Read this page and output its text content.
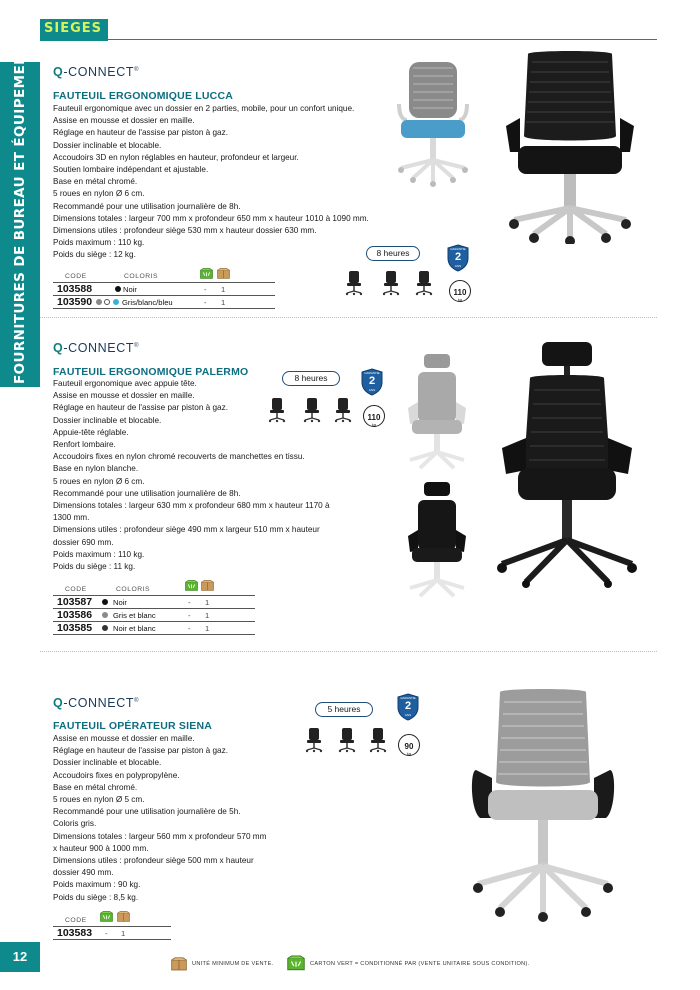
SIEGES
FOURNITURES DE BUREAU ET ÉQUIPEMENTS	Q-CONNECT®
FAUTEUIL ERGONOMIQUE LUCCA
Fauteuil ergonomique avec un dossier en 2 parties, mobile, pour un confort unique.
Assise en mousse et dossier en maille.
Réglage en hauteur de l'assise par piston à gaz.
Dossier inclinable et blocable.
Accoudoirs 3D en nylon réglables en hauteur, profondeur et largeur.
Soutien lombaire indépendant et ajustable.
Base en métal chromé.
5 roues en nylon Ø 6 cm.
Recommandé pour une utilisation journalière de 8h.
Dimensions totales : largeur 700 mm x profondeur 650 mm x hauteur 1010 à 1090 mm.
Dimensions utiles : profondeur siège 530 mm x hauteur dossier 630 mm.
Poids maximum : 110 kg.
Poids du siège : 12 kg.
CODE	COLORIS
103588	Noir	- 1
103590	Gris/blanc/bleu	- 1
8 heures	GARANTIE
2
ANS
110
kg
Q-CONNECT®
FAUTEUIL ERGONOMIQUE PALERMO
Fauteuil ergonomique avec appuie tête.
Assise en mousse et dossier en maille.
Réglage en hauteur de l'assise par piston à gaz.
Dossier inclinable et blocable.
Appuie-tête réglable.
Renfort lombaire.
Accoudoirs fixes en nylon chromé recouverts de manchettes en tissu.
Base en nylon blanche.
5 roues en nylon Ø 6 cm.
Recommandé pour une utilisation journalière de 8h.
Dimensions totales : largeur 630 mm x profondeur 680 mm x hauteur 1170 à
1300 mm.
Dimensions utiles : profondeur siège 490 mm x largeur 510 mm x hauteur
dossier 690 mm.
Poids maximum : 110 kg.
Poids du siège : 11 kg.
CODE	COLORIS
103587	Noir	- 1
103586	Gris et blanc	- 1
103585	Noir et blanc	- 1
8 heures	GARANTIE
2
ANS
110
kg
Q-CONNECT®
FAUTEUIL OPÉRATEUR SIENA
Assise en mousse et dossier en maille.
Réglage en hauteur de l'assise par piston à gaz.
Dossier inclinable et blocable.
Accoudoirs fixes en polypropylène.
Base en métal chromé.
5 roues en nylon Ø 5 cm.
Recommandé pour une utilisation journalière de 5h.
Coloris gris.
Dimensions totales : largeur 560 mm x profondeur 570 mm
x hauteur 900 à 1000 mm.
Dimensions utiles : profondeur siège 500 mm x hauteur
dossier 490 mm.
Poids maximum : 90 kg.
Poids du siège : 8,5 kg.
CODE
103583 - 1
5 heures
GARANTIE
2
ANS
90
kg
12	UNITÉ MINIMUM DE VENTE.	CARTON VERT = CONDITIONNÉ PAR (VENTE UNITAIRE SOUS CONDITION).
